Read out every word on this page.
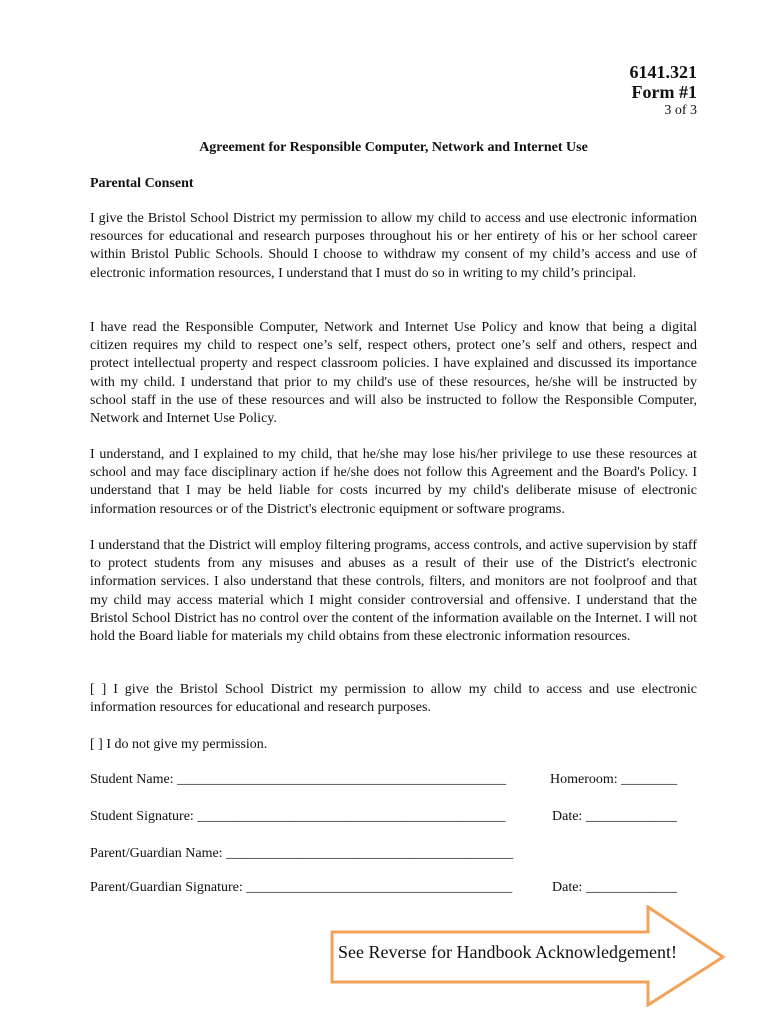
6141.321
Form #1
3 of 3
Agreement for Responsible Computer, Network and Internet Use
Parental Consent

I give the Bristol School District my permission to allow my child to access and use electronic information resources for educational and research purposes throughout his or her entirety of his or her school career within Bristol Public Schools. Should I choose to withdraw my consent of my child’s access and use of electronic information resources, I understand that I must do so in writing to my child’s principal.

I have read the Responsible Computer, Network and Internet Use Policy and know that being a digital citizen requires my child to respect one’s self, respect others, protect one’s self and others, respect and protect intellectual property and respect classroom policies. I have explained and discussed its importance with my child. I understand that prior to my child's use of these resources, he/she will be instructed by school staff in the use of these resources and will also be instructed to follow the Responsible Computer, Network and Internet Use Policy.

I understand, and I explained to my child, that he/she may lose his/her privilege to use these resources at school and may face disciplinary action if he/she does not follow this Agreement and the Board's Policy. I understand that I may be held liable for costs incurred by my child's deliberate misuse of electronic information resources or of the District's electronic equipment or software programs.

I understand that the District will employ filtering programs, access controls, and active supervision by staff to protect students from any misuses and abuses as a result of their use of the District's electronic information services. I also understand that these controls, filters, and monitors are not foolproof and that my child may access material which I might consider controversial and offensive. I understand that the Bristol School District has no control over the content of the information available on the Internet. I will not hold the Board liable for materials my child obtains from these electronic information resources.

[ ] I give the Bristol School District my permission to allow my child to access and use electronic information resources for educational and research purposes.

[ ] I do not give my permission.

Student Name: _______________________________________________	Homeroom: ________
Student Signature: ____________________________________________	Date: _____________
Parent/Guardian Name: _________________________________________
Parent/Guardian Signature: ______________________________________	Date: _____________
See Reverse for Handbook Acknowledgement!
